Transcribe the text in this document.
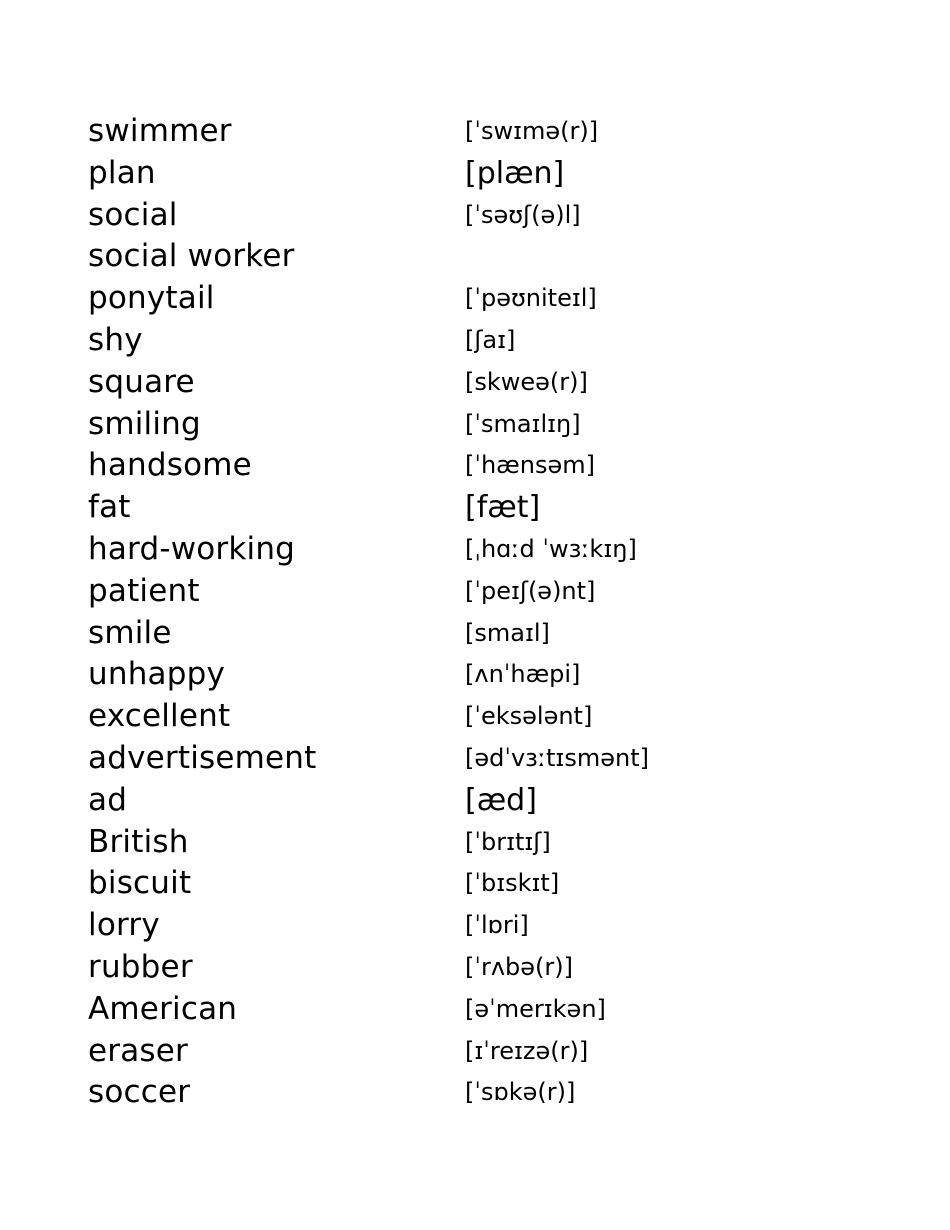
swimmer	[ˈswɪmə(r)]
plan	[plæn]
social	[ˈsəʊʃ(ə)l]
social worker
ponytail	[ˈpəʊniteɪl]
shy	[ʃaɪ]
square	[skweə(r)]
smiling	[ˈsmaɪlɪŋ]
handsome	[ˈhænsəm]
fat	[fæt]
hard-working	[ˌhɑːd ˈwɜːkɪŋ]
patient	[ˈpeɪʃ(ə)nt]
smile	[smaɪl]
unhappy	[ʌnˈhæpi]
excellent	[ˈeksələnt]
advertisement	[ədˈvɜːtɪsmənt]
ad	[æd]
British	[ˈbrɪtɪʃ]
biscuit	[ˈbɪskɪt]
lorry	[ˈlɒri]
rubber	[ˈrʌbə(r)]
American	[əˈmerɪkən]
eraser	[ɪˈreɪzə(r)]
soccer	[ˈsɒkə(r)]
